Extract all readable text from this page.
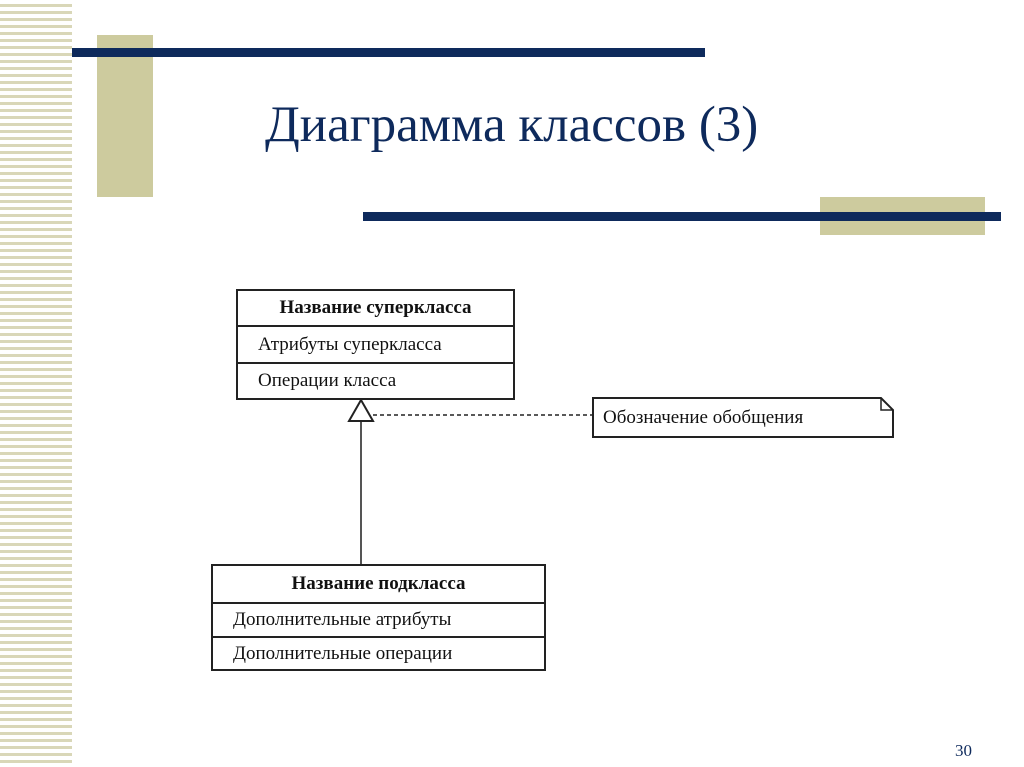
Диаграмма классов (3)
Название суперкласса
Атрибуты суперкласса
Операции класса
Обозначение обобщения
Название подкласса
Дополнительные атрибуты
Дополнительные операции
30
